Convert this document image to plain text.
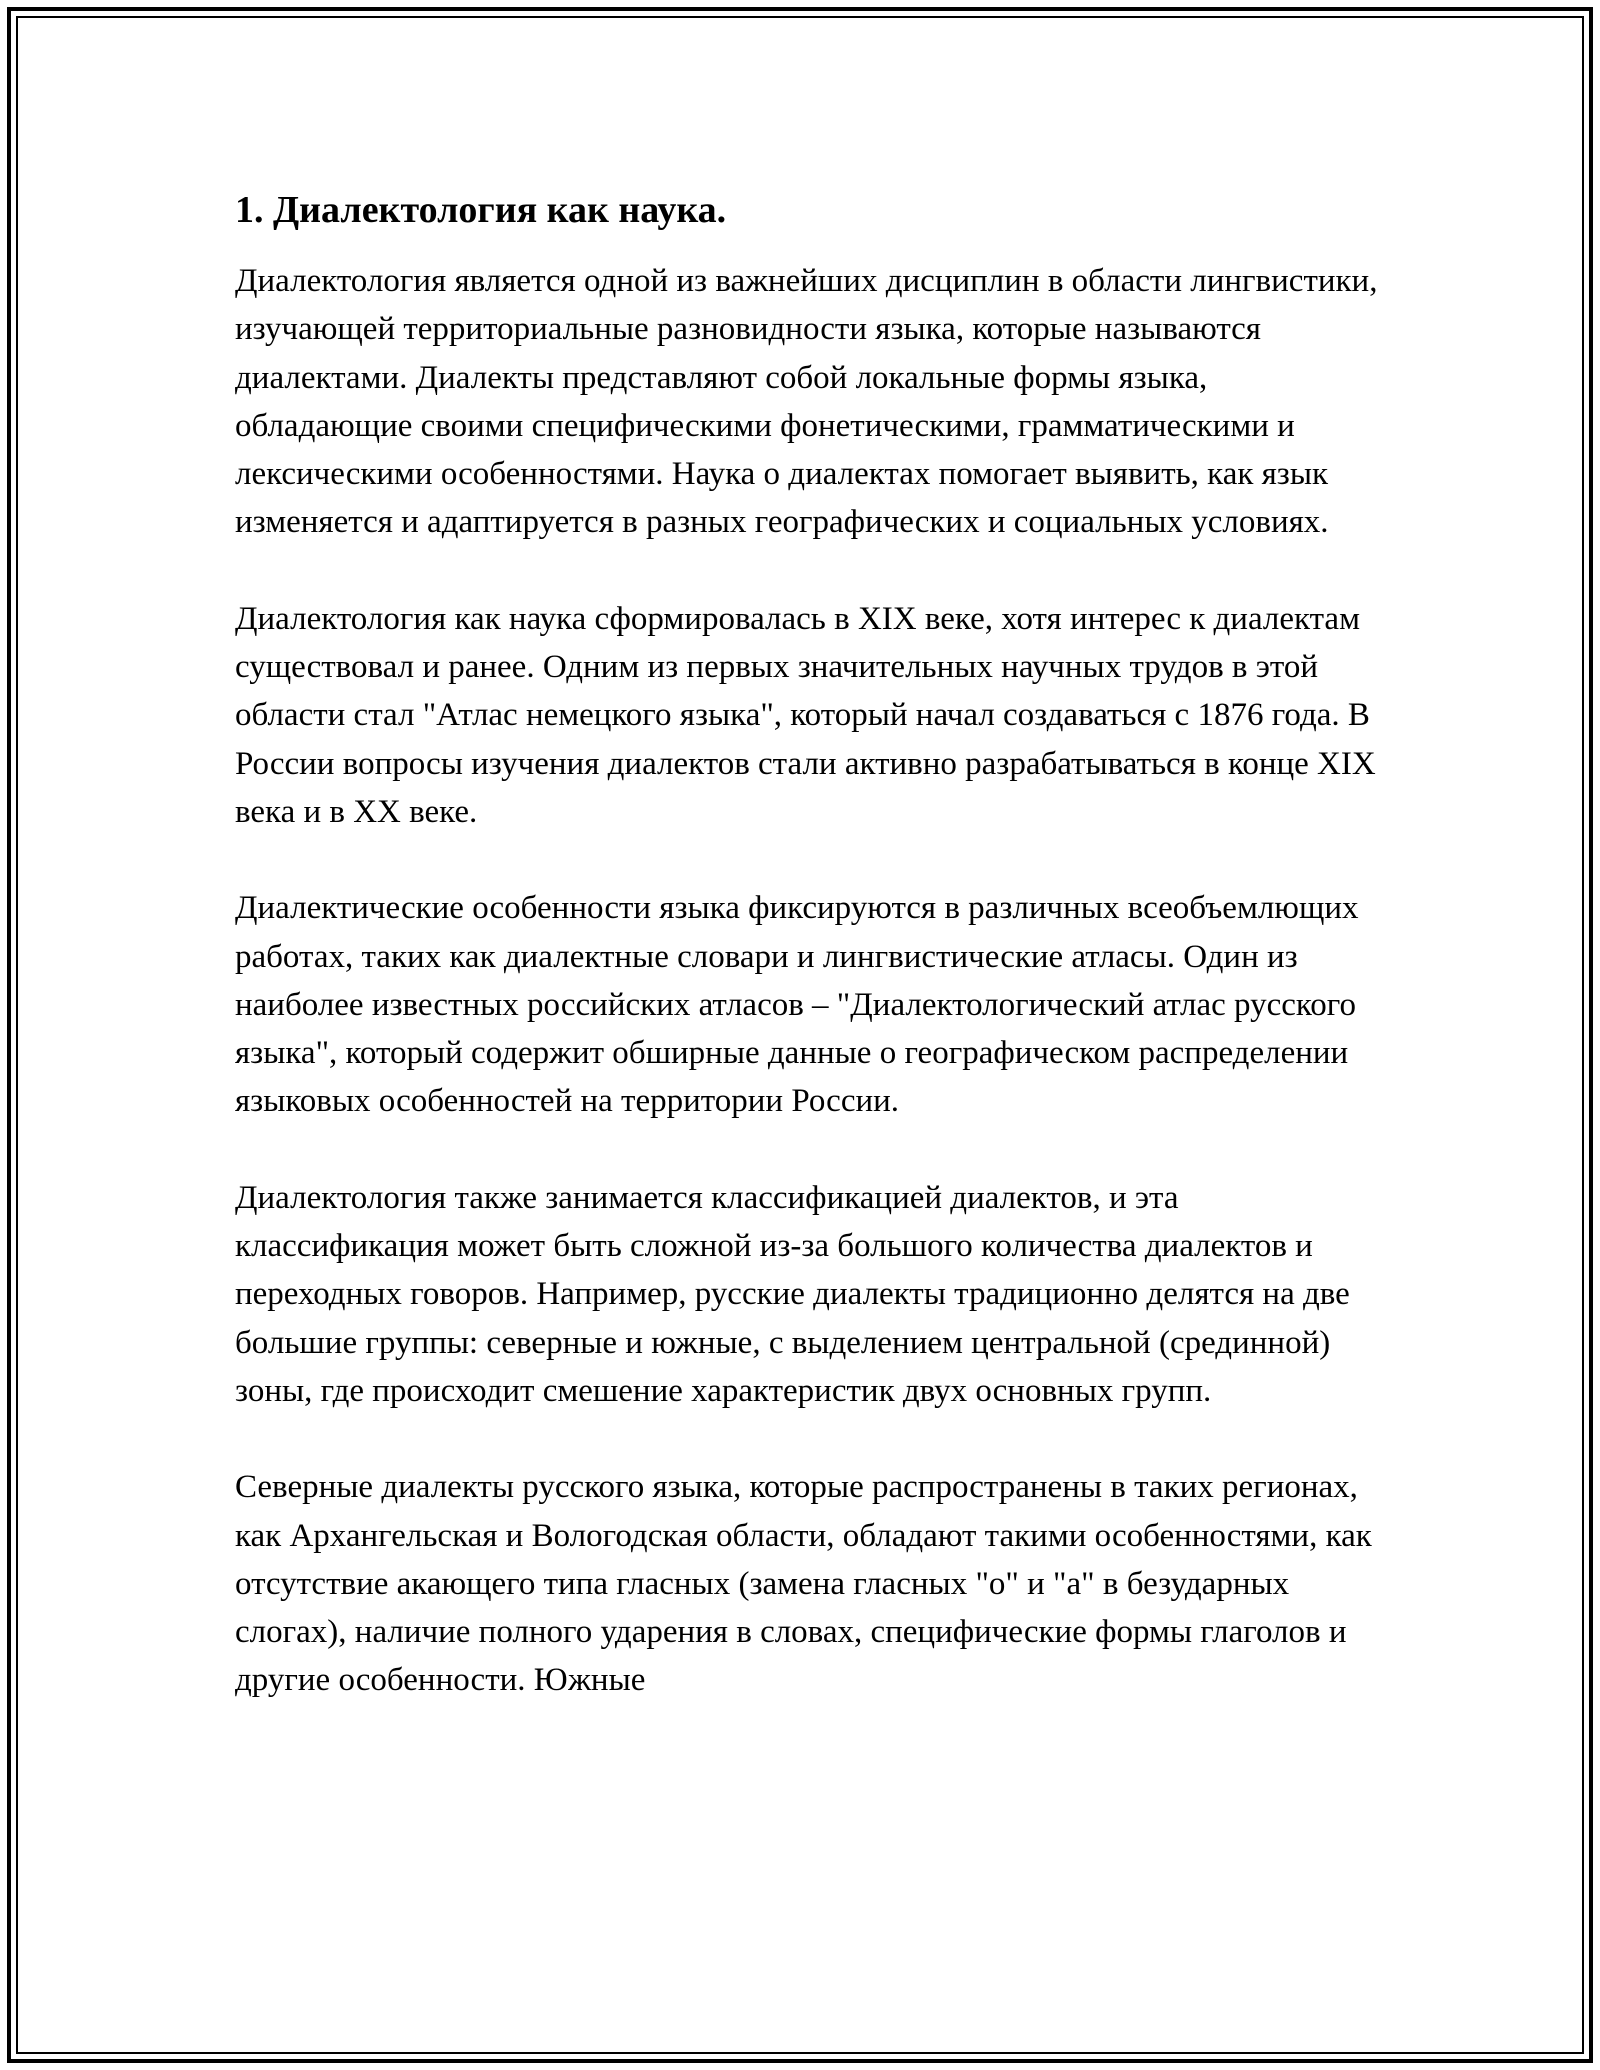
1. Диалектология как наука.

Диалектология является одной из важнейших дисциплин в области лингвистики, изучающей территориальные разновидности языка, которые называются диалектами. Диалекты представляют собой локальные формы языка, обладающие своими специфическими фонетическими, грамматическими и лексическими особенностями. Наука о диалектах помогает выявить, как язык изменяется и адаптируется в разных географических и социальных условиях.

Диалектология как наука сформировалась в XIX веке, хотя интерес к диалектам существовал и ранее. Одним из первых значительных научных трудов в этой области стал "Атлас немецкого языка", который начал создаваться с 1876 года. В России вопросы изучения диалектов стали активно разрабатываться в конце XIX века и в XX веке.

Диалектические особенности языка фиксируются в различных всеобъемлющих работах, таких как диалектные словари и лингвистические атласы. Один из наиболее известных российских атласов – "Диалектологический атлас русского языка", который содержит обширные данные о географическом распределении языковых особенностей на территории России.

Диалектология также занимается классификацией диалектов, и эта классификация может быть сложной из-за большого количества диалектов и переходных говоров. Например, русские диалекты традиционно делятся на две большие группы: северные и южные, с выделением центральной (срединной) зоны, где происходит смешение характеристик двух основных групп.

Северные диалекты русского языка, которые распространены в таких регионах, как Архангельская и Вологодская области, обладают такими особенностями, как отсутствие акающего типа гласных (замена гласных "о" и "а" в безударных слогах), наличие полного ударения в словах, специфические формы глаголов и другие особенности. Южные
